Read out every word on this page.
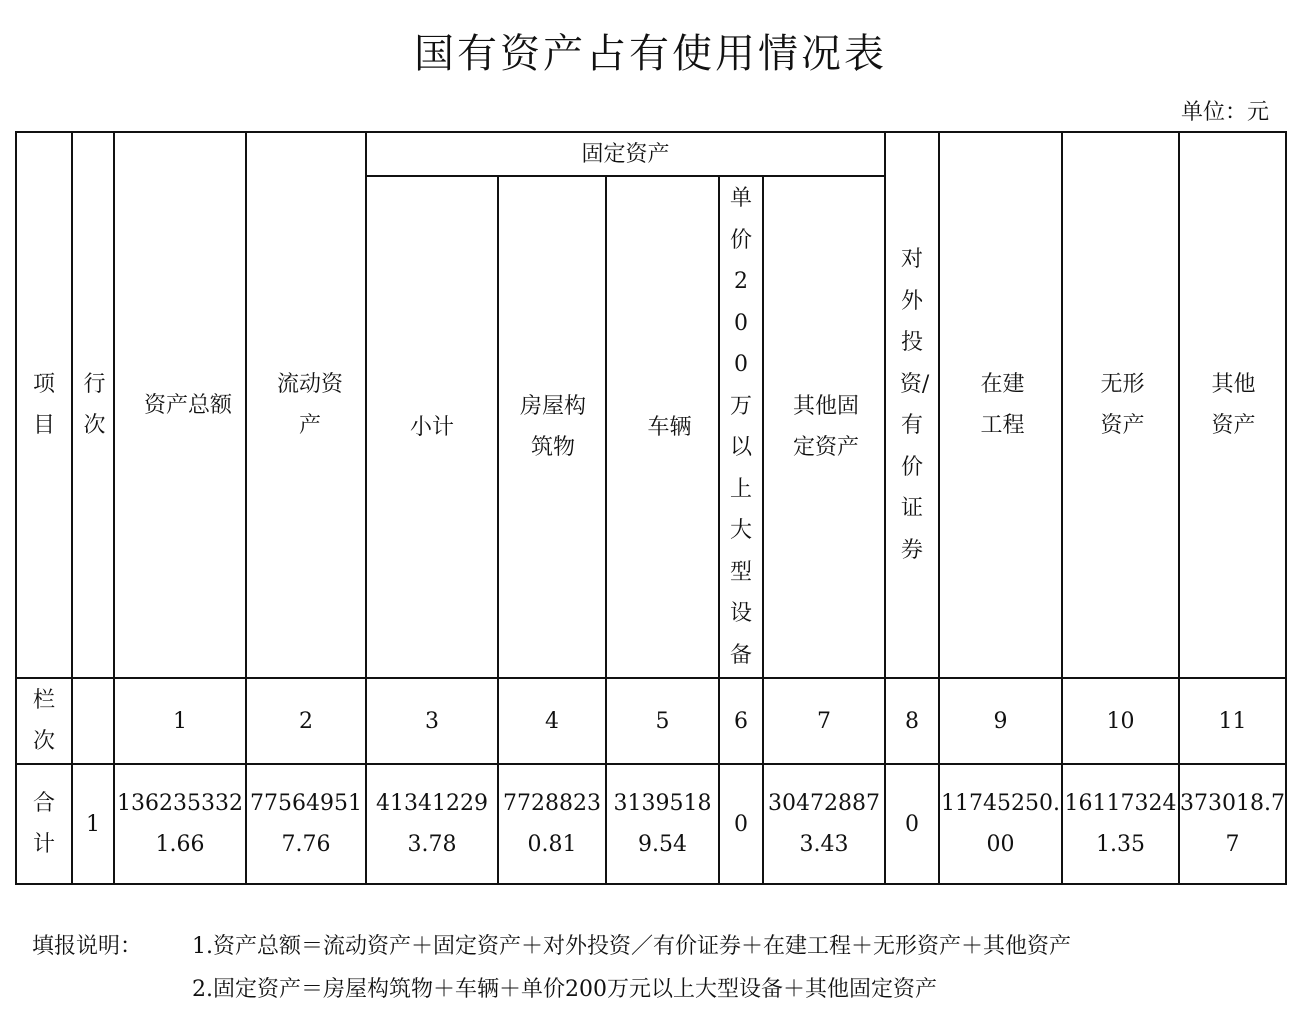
国有资产占有使用情况表
单位：元
项目	行次	资产总额	流动资产	固定资产					对外投资/有价证券	在建工程	无形资产	其他资产
				小计	房屋构筑物	车辆	单价200万以上大型设备	其他固定资产				

栏次		1	2	3	4	5	6	7	8	9	10	11

合计	1	1362353321.66	775649517.76	413412293.78	77288230.81	31395189.54	0	304728873.43	0	11745250.00	161173241.35	373018.77
填报说明： 1.资产总额＝流动资产＋固定资产＋对外投资／有价证券＋在建工程＋无形资产＋其他资产
2.固定资产＝房屋构筑物＋车辆＋单价200万元以上大型设备＋其他固定资产
